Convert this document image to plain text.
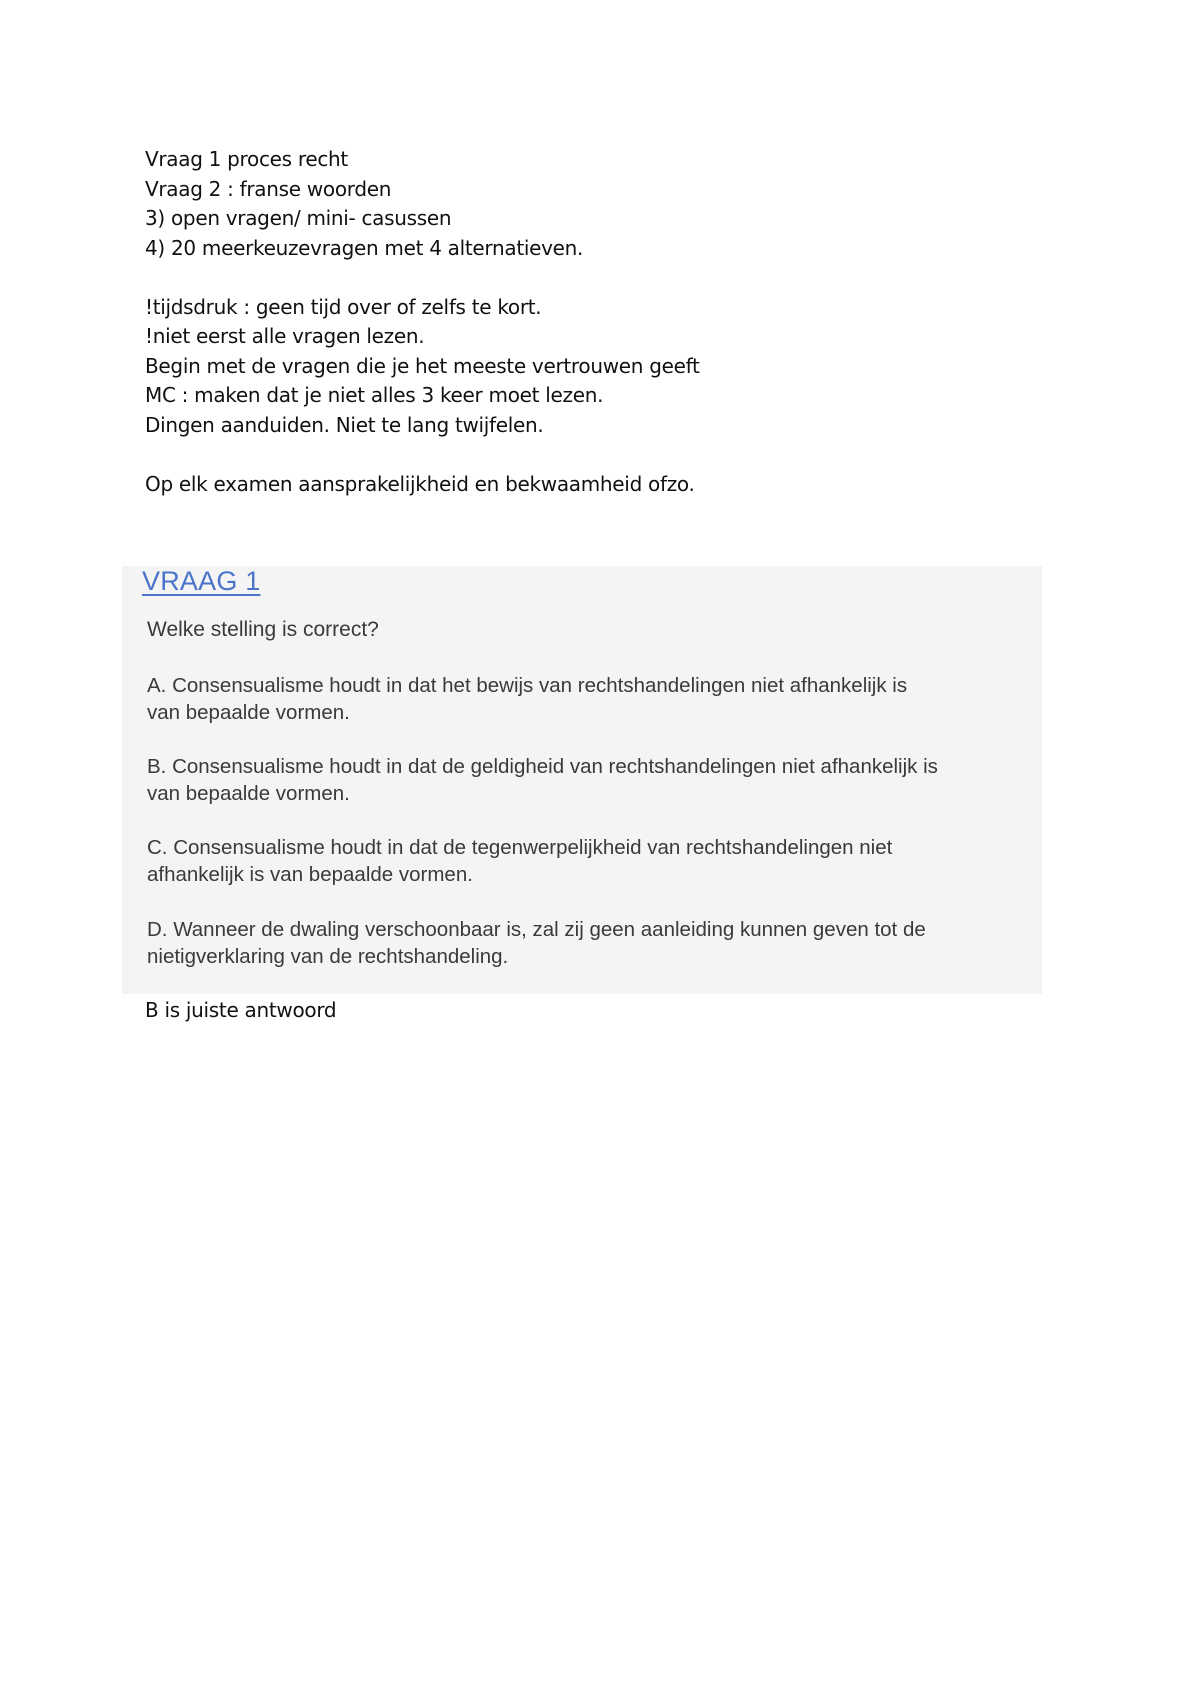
Vraag 1 proces recht
Vraag 2 : franse woorden
3) open vragen/ mini- casussen
4) 20 meerkeuzevragen met 4 alternatieven.
!tijdsdruk : geen tijd over of zelfs te kort.
!niet eerst alle vragen lezen.
Begin met de vragen die je het meeste vertrouwen geeft
MC : maken dat je niet alles 3 keer moet lezen.
Dingen aanduiden. Niet te lang twijfelen.
Op elk examen aansprakelijkheid en bekwaamheid ofzo.
VRAAG 1
Welke stelling is correct?
A. Consensualisme houdt in dat het bewijs van rechtshandelingen niet afhankelijk is
van bepaalde vormen.
B. Consensualisme houdt in dat de geldigheid van rechtshandelingen niet afhankelijk is
van bepaalde vormen.
C. Consensualisme houdt in dat de tegenwerpelijkheid van rechtshandelingen niet
afhankelijk is van bepaalde vormen.
D. Wanneer de dwaling verschoonbaar is, zal zij geen aanleiding kunnen geven tot de
nietigverklaring van de rechtshandeling.
B is juiste antwoord
